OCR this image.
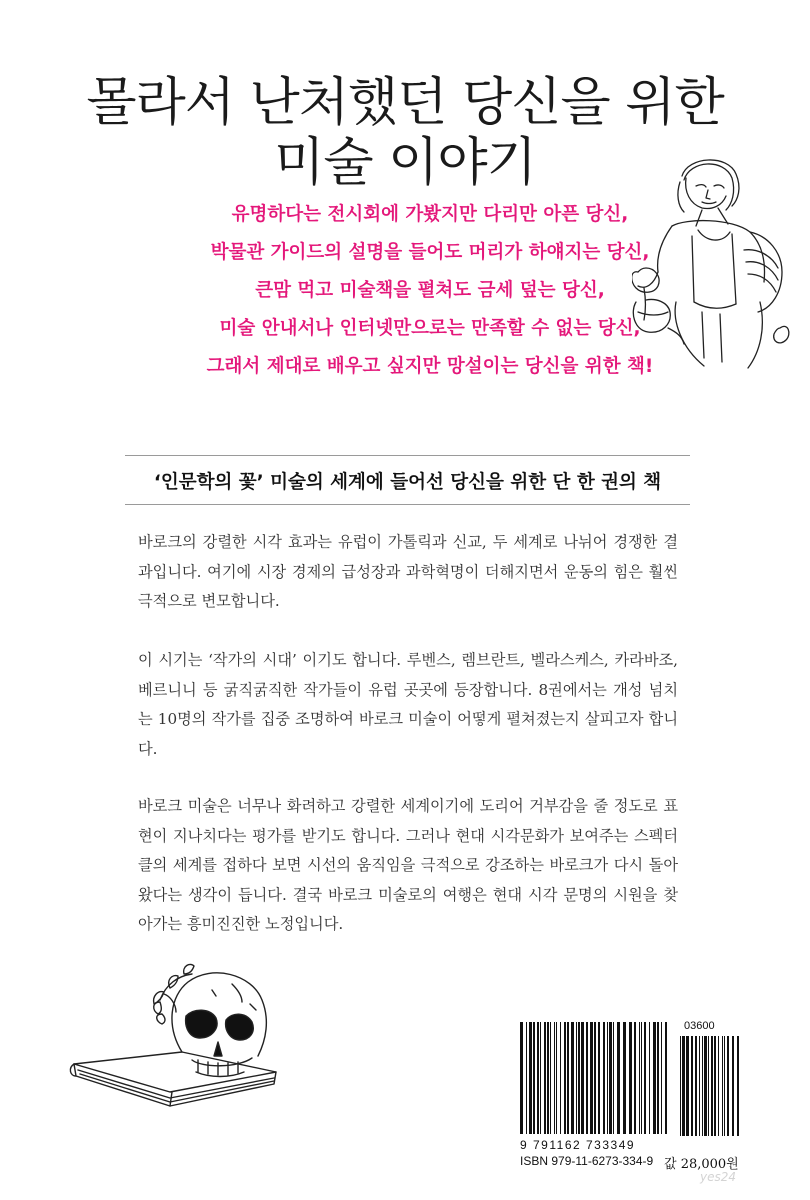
몰라서 난처했던 당신을 위한
미술 이야기

유명하다는 전시회에 가봤지만 다리만 아픈 당신,

박물관 가이드의 설명을 들어도 머리가 하얘지는 당신,

큰맘 먹고 미술책을 펼쳐도 금세 덮는 당신,

미술 안내서나 인터넷만으로는 만족할 수 없는 당신,

그래서 제대로 배우고 싶지만 망설이는 당신을 위한 책!

‘인문학의 꽃’ 미술의 세계에 들어선 당신을 위한 단 한 권의 책

바로크의 강렬한 시각 효과는 유럽이 가톨릭과 신교, 두 세계로 나뉘어 경쟁한 결과입니다. 여기에 시장 경제의 급성장과 과학혁명이 더해지면서 운동의 힘은 훨씬 극적으로 변모합니다.

이 시기는 ‘작가의 시대’ 이기도 합니다. 루벤스, 렘브란트, 벨라스케스, 카라바조, 베르니니 등 굵직굵직한 작가들이 유럽 곳곳에 등장합니다. 8권에서는 개성 넘치는 10명의 작가를 집중 조명하여 바로크 미술이 어떻게 펼쳐졌는지 살피고자 합니다.

바로크 미술은 너무나 화려하고 강렬한 세계이기에 도리어 거부감을 줄 정도로 표현이 지나치다는 평가를 받기도 합니다. 그러나 현대 시각문화가 보여주는 스펙터클의 세계를 접하다 보면 시선의 움직임을 극적으로 강조하는 바로크가 다시 돌아왔다는 생각이 듭니다. 결국 바로크 미술로의 여행은 현대 시각 문명의 시원을 찾아가는 흥미진진한 노정입니다.

03600

9 791162 733349

ISBN 979-11-6273-334-9 값 28,000원

yes24
